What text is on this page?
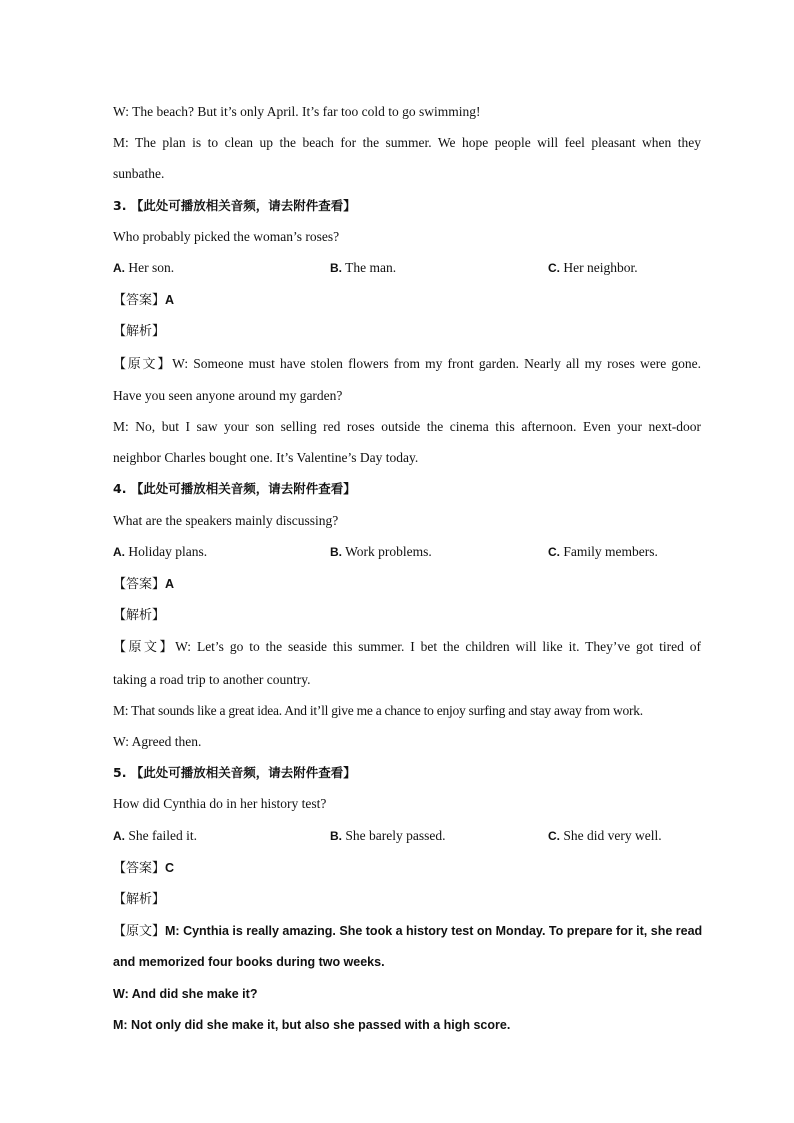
W: The beach? But it’s only April. It’s far too cold to go swimming!
M: The plan is to clean up the beach for the summer. We hope people will feel pleasant when they
sunbathe.
3. 【此处可播放相关音频，请去附件查看】
Who probably picked the woman’s roses?
A. Her son.	B. The man.	C. Her neighbor.
【答案】A
【解析】
【原文】W: Someone must have stolen flowers from my front garden. Nearly all my roses were gone.
Have you seen anyone around my garden?
M: No, but I saw your son selling red roses outside the cinema this afternoon. Even your next-door
neighbor Charles bought one. It’s Valentine’s Day today.
4. 【此处可播放相关音频，请去附件查看】
What are the speakers mainly discussing?
A. Holiday plans.	B. Work problems.	C. Family members.
【答案】A
【解析】
【原文】W: Let’s go to the seaside this summer. I bet the children will like it. They’ve got tired of
taking a road trip to another country.
M: That sounds like a great idea. And it’ll give me a chance to enjoy surfing and stay away from work.
W: Agreed then.
5. 【此处可播放相关音频，请去附件查看】
How did Cynthia do in her history test?
A. She failed it.	B. She barely passed.	C. She did very well.
【答案】C
【解析】
【原文】M: Cynthia is really amazing. She took a history test on Monday. To prepare for it, she read
and memorized four books during two weeks.
W: And did she make it?
M: Not only did she make it, but also she passed with a high score.
